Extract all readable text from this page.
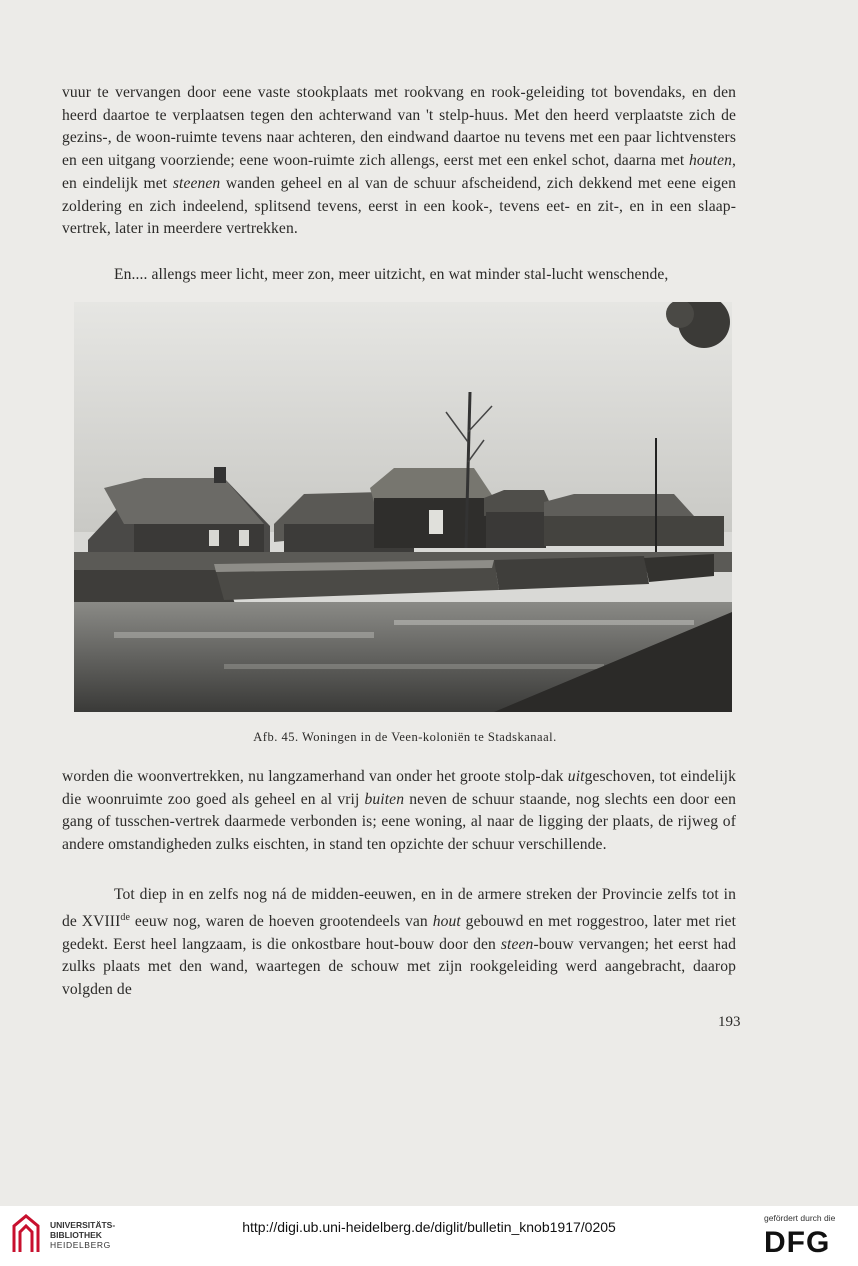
vuur te vervangen door eene vaste stookplaats met rookvang en rook-geleiding tot bovendaks, en den heerd daartoe te verplaatsen tegen den achterwand van 't stelp-huus. Met den heerd verplaatste zich de gezins-, de woon-ruimte tevens naar achteren, den eindwand daartoe nu tevens met een paar lichtvensters en een uitgang voorziende; eene woon-ruimte zich allengs, eerst met een enkel schot, daarna met houten, en eindelijk met steenen wanden geheel en al van de schuur afscheidend, zich dekkend met eene eigen zoldering en zich indeelend, splitsend tevens, eerst in een kook-, tevens eet- en zit-, en in een slaap-vertrek, later in meerdere vertrekken.

En.... allengs meer licht, meer zon, meer uitzicht, en wat minder stal-lucht wenschende,

Afb. 45. Woningen in de Veen-koloniën te Stadskanaal.

worden die woonvertrekken, nu langzamerhand van onder het groote stolp-dak uitgeschoven, tot eindelijk die woonruimte zoo goed als geheel en al vrij buiten neven de schuur staande, nog slechts een door een gang of tusschen-vertrek daarmede verbonden is; eene woning, al naar de ligging der plaats, de rijweg of andere omstandigheden zulks eischten, in stand ten opzichte der schuur verschillende.

Tot diep in en zelfs nog ná de midden-eeuwen, en in de armere streken der Provincie zelfs tot in de XVIIIde eeuw nog, waren de hoeven grootendeels van hout gebouwd en met roggestroo, later met riet gedekt. Eerst heel langzaam, is die onkostbare hout-bouw door den steen-bouw vervangen; het eerst had zulks plaats met den wand, waartegen de schouw met zijn rookgeleiding werd aangebracht, daarop volgden de

193
UNIVERSITÄTS-
BIBLIOTHEK
HEIDELBERG
http://digi.ub.uni-heidelberg.de/diglit/bulletin_knob1917/0205
gefördert durch die
DFG
